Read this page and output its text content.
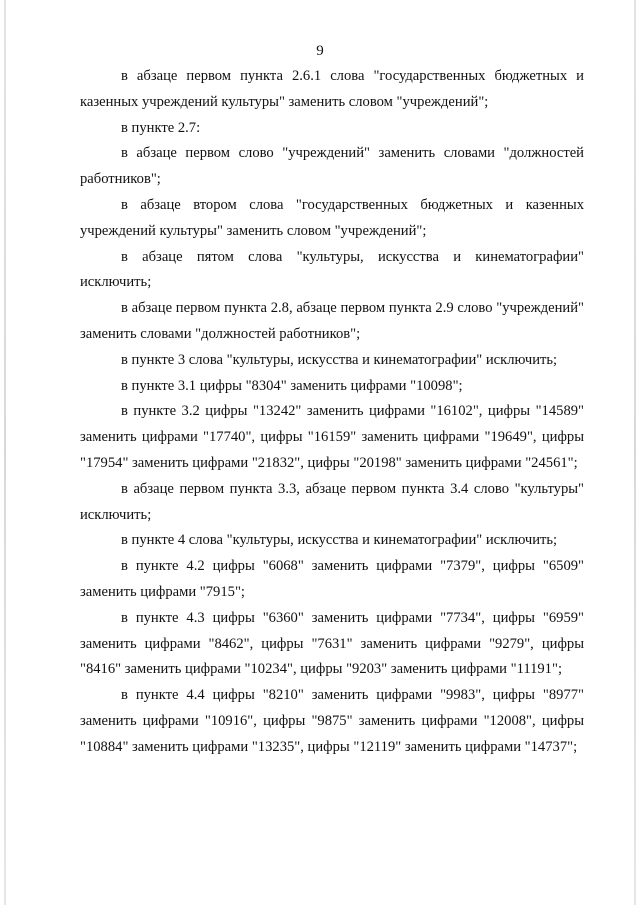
9

в абзаце первом пункта 2.6.1 слова "государственных бюджетных и казенных учреждений культуры" заменить словом "учреждений";

в пункте 2.7:

в абзаце первом слово "учреждений" заменить словами "должностей работников";

в абзаце втором слова "государственных бюджетных и казенных учреждений культуры" заменить словом "учреждений";

в абзаце пятом слова "культуры, искусства и кинематографии" исключить;

в абзаце первом пункта 2.8, абзаце первом пункта 2.9 слово "учреждений" заменить словами "должностей работников";

в пункте 3 слова "культуры, искусства и кинематографии" исключить;

в пункте 3.1 цифры "8304" заменить цифрами "10098";

в пункте 3.2 цифры "13242" заменить цифрами "16102", цифры "14589" заменить цифрами "17740", цифры "16159" заменить цифрами "19649", цифры "17954" заменить цифрами "21832", цифры "20198" заменить цифрами "24561";

в абзаце первом пункта 3.3, абзаце первом пункта 3.4 слово "культуры" исключить;

в пункте 4 слова "культуры, искусства и кинематографии" исключить;

в пункте 4.2 цифры "6068" заменить цифрами "7379", цифры "6509" заменить цифрами "7915";

в пункте 4.3 цифры "6360" заменить цифрами "7734", цифры "6959" заменить цифрами "8462", цифры "7631" заменить цифрами "9279", цифры "8416" заменить цифрами "10234", цифры "9203" заменить цифрами "11191";

в пункте 4.4 цифры "8210" заменить цифрами "9983", цифры "8977" заменить цифрами "10916", цифры "9875" заменить цифрами "12008", цифры "10884" заменить цифрами "13235", цифры "12119" заменить цифрами "14737";
